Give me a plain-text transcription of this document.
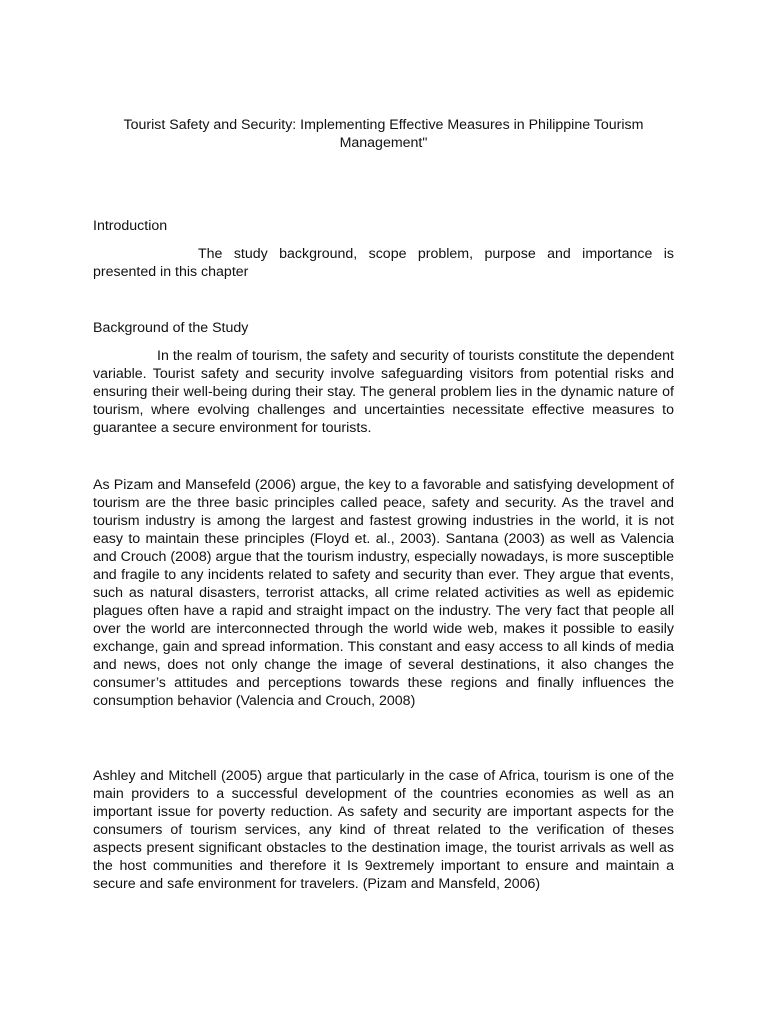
Tourist Safety and Security: Implementing Effective Measures in Philippine Tourism Management"
Introduction
The study background, scope problem, purpose and importance is presented in this chapter
Background of the Study
In the realm of tourism, the safety and security of tourists constitute the dependent variable. Tourist safety and security involve safeguarding visitors from potential risks and ensuring their well-being during their stay. The general problem lies in the dynamic nature of tourism, where evolving challenges and uncertainties necessitate effective measures to guarantee a secure environment for tourists.
As Pizam and Mansefeld (2006) argue, the key to a favorable and satisfying development of tourism are the three basic principles called peace, safety and security. As the travel and tourism industry is among the largest and fastest growing industries in the world, it is not easy to maintain these principles (Floyd et. al., 2003). Santana (2003) as well as Valencia and Crouch (2008) argue that the tourism industry, especially nowadays, is more susceptible and fragile to any incidents related to safety and security than ever. They argue that events, such as natural disasters, terrorist attacks, all crime related activities as well as epidemic plagues often have a rapid and straight impact on the industry. The very fact that people all over the world are interconnected through the world wide web, makes it possible to easily exchange, gain and spread information. This constant and easy access to all kinds of media and news, does not only change the image of several destinations, it also changes the consumer’s attitudes and perceptions towards these regions and finally influences the consumption behavior (Valencia and Crouch, 2008)
Ashley and Mitchell (2005) argue that particularly in the case of Africa, tourism is one of the main providers to a successful development of the countries economies as well as an important issue for poverty reduction. As safety and security are important aspects for the consumers of tourism services, any kind of threat related to the verification of theses aspects present significant obstacles to the destination image, the tourist arrivals as well as the host communities and therefore it Is 9extremely important to ensure and maintain a secure and safe environment for travelers. (Pizam and Mansfeld, 2006)
